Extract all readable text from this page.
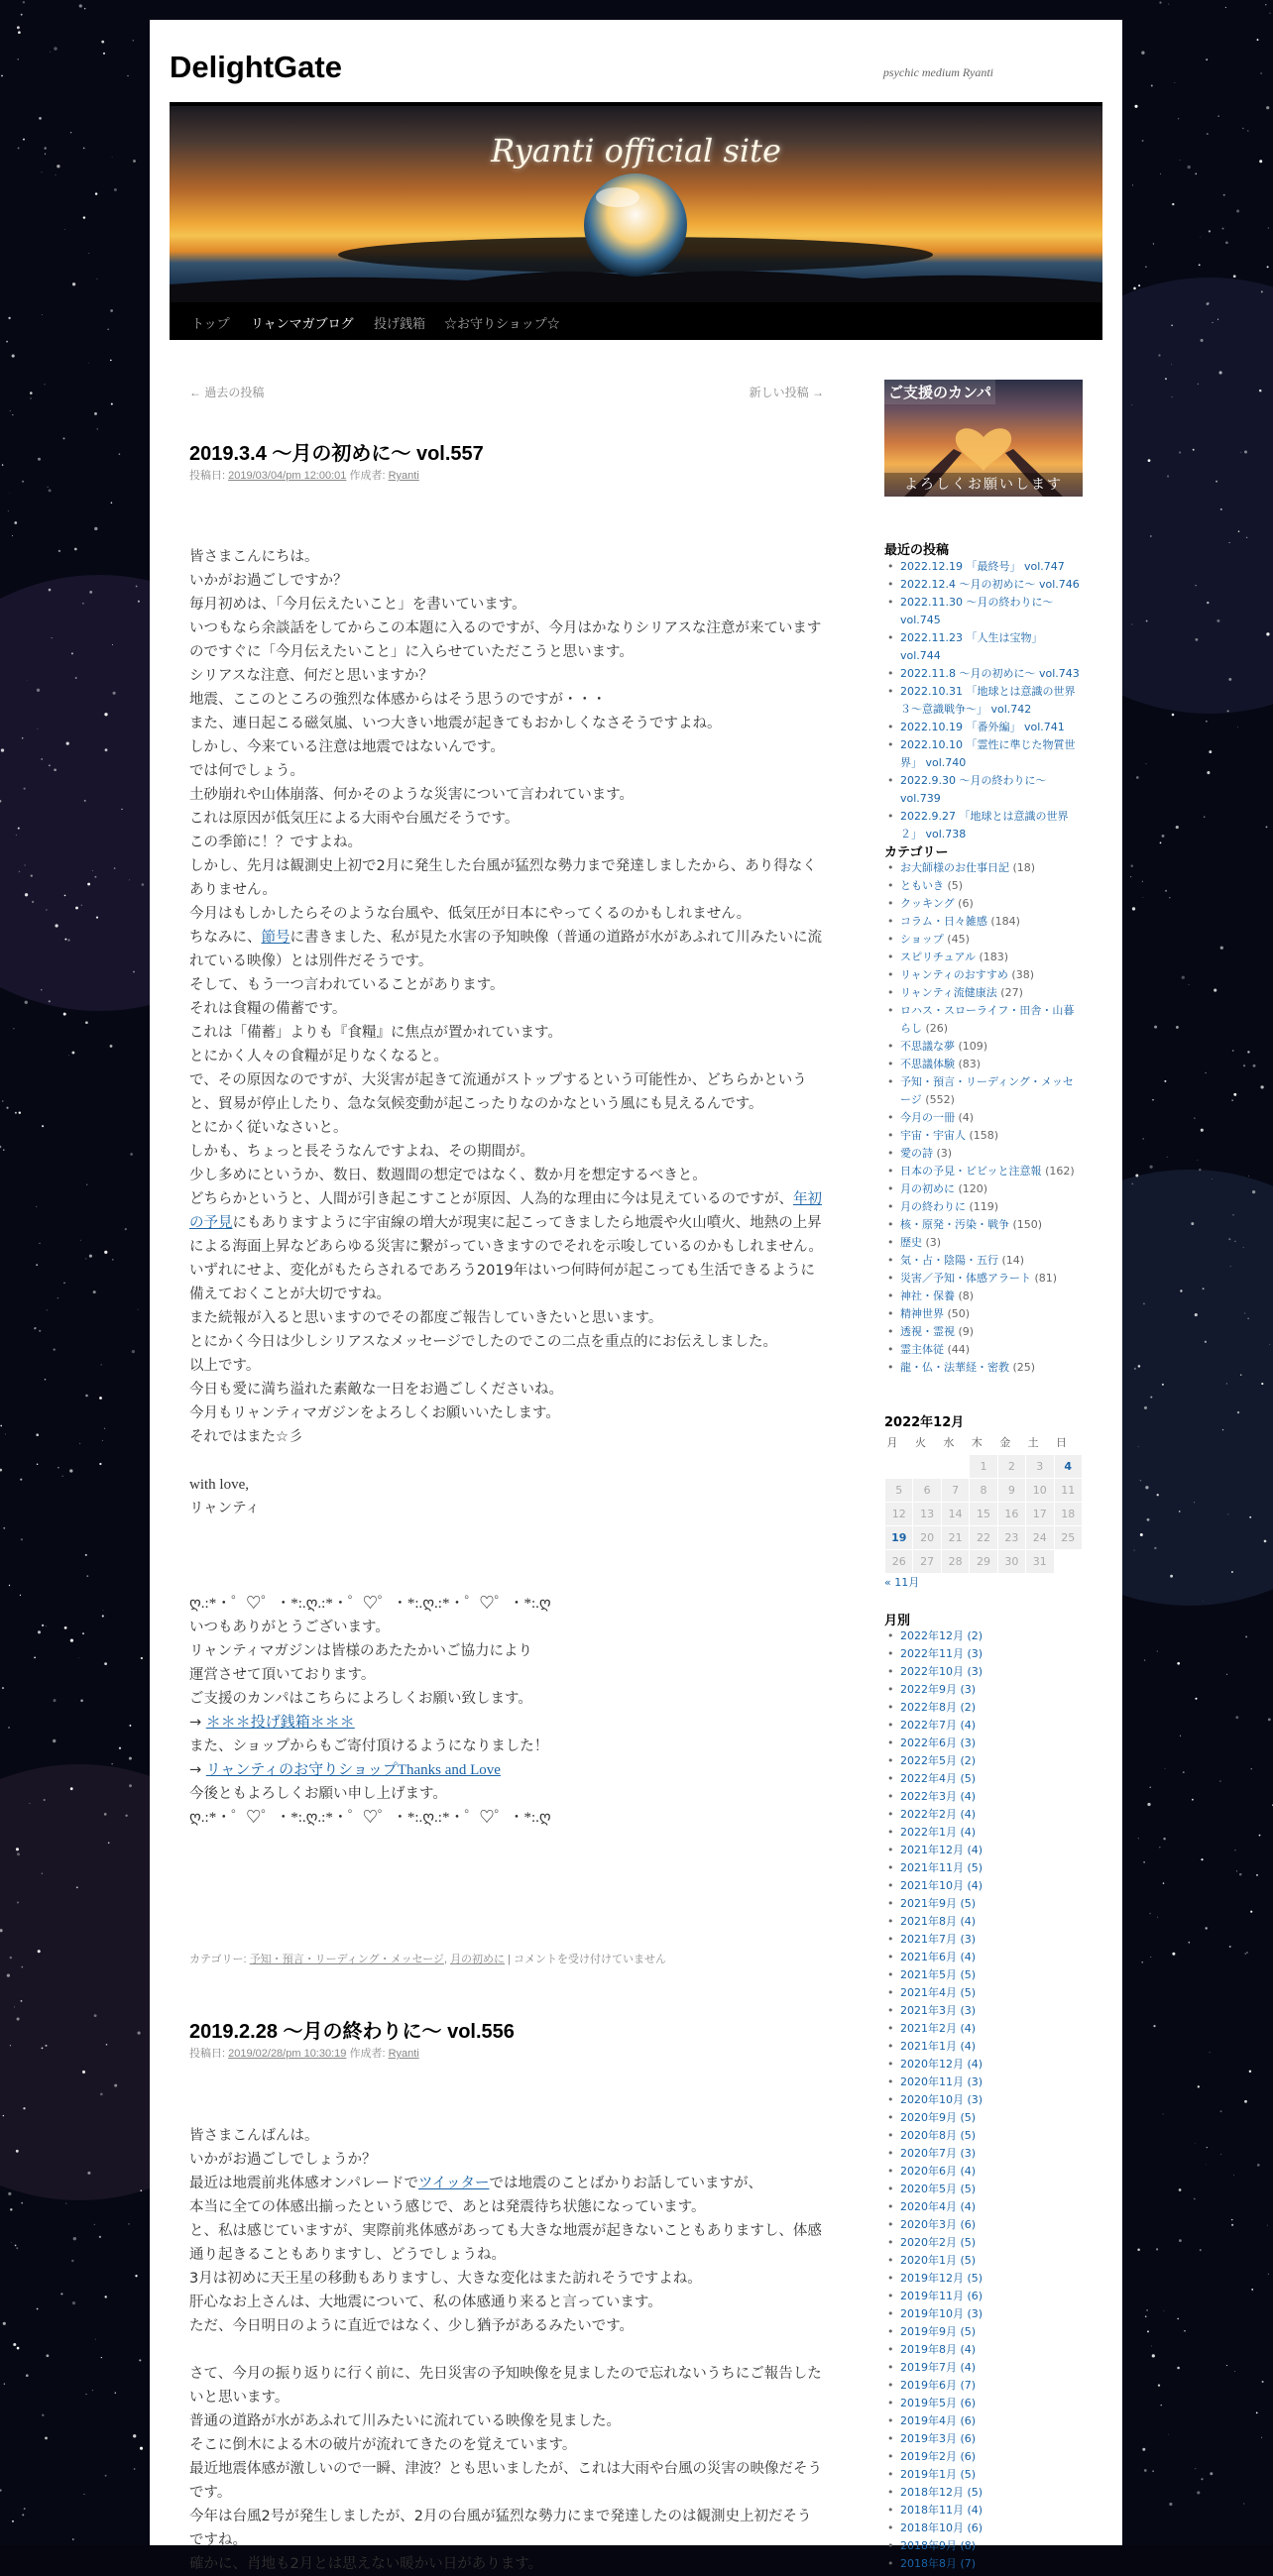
DelightGate	psychic medium Ryanti
Ryanti official site
トップ リャンマガブログ 投げ銭箱 ☆お守りショップ☆
← 過去の投稿	新しい投稿 →
2019.3.4 ～月の初めに～ vol.557
投稿日: 2019/03/04/pm 12:00:01 作成者: Ryanti

皆さまこんにちは。

いかがお過ごしですか？

毎月初めは、「今月伝えたいこと」を書いています。

いつもなら余談話をしてからこの本題に入るのですが、今月はかなりシリアスな注意が来ていますのですぐに「今月伝えたいこと」に入らせていただこうと思います。

シリアスな注意、何だと思いますか？

地震、ここのところの強烈な体感からはそう思うのですが・・・

また、連日起こる磁気嵐、いつ大きい地震が起きてもおかしくなさそうですよね。

しかし、今来ている注意は地震ではないんです。

では何でしょう。

土砂崩れや山体崩落、何かそのような災害について言われています。

これは原因が低気圧による大雨や台風だそうです。

この季節に！？ですよね。

しかし、先月は観測史上初で2月に発生した台風が猛烈な勢力まで発達しましたから、あり得なくありません。

今月はもしかしたらそのような台風や、低気圧が日本にやってくるのかもしれません。

ちなみに、節号に書きました、私が見た水害の予知映像（普通の道路が水があふれて川みたいに流れている映像）とは別件だそうです。

そして、もう一つ言われていることがあります。

それは食糧の備蓄です。

これは「備蓄」よりも『食糧』に焦点が置かれています。

とにかく人々の食糧が足りなくなると。

で、その原因なのですが、大災害が起きて流通がストップするという可能性か、どちらかというと、貿易が停止したり、急な気候変動が起こったりなのかなという風にも見えるんです。

とにかく従いなさいと。

しかも、ちょっと長そうなんですよね、その期間が。

少し多めにというか、数日、数週間の想定ではなく、数か月を想定するべきと。

どちらかというと、人間が引き起こすことが原因、人為的な理由に今は見えているのですが、年初の予見にもありますように宇宙線の増大が現実に起こってきましたら地震や火山噴火、地熱の上昇による海面上昇などあらゆる災害に繋がっていきますのでそれを示唆しているのかもしれません。

いずれにせよ、変化がもたらされるであろう2019年はいつ何時何が起こっても生活できるように備えておくことが大切ですね。

また続報が入ると思いますのでその都度ご報告していきたいと思います。

とにかく今日は少しシリアスなメッセージでしたのでこの二点を重点的にお伝えしました。

以上です。

今日も愛に満ち溢れた素敵な一日をお過ごしくださいね。

今月もリャンティマガジンをよろしくお願いいたします。

それではまた☆彡

with love,

リャンティ

ღ.:*・゜♡゜・*:.ღ.:*・゜♡゜・*:.ღ.:*・゜♡゜・*:.ღ

いつもありがとうございます。

リャンティマガジンは皆様のあたたかいご協力により

運営させて頂いております。

ご支援のカンパはこちらによろしくお願い致します。

→ ＊＊＊投げ銭箱＊＊＊

また、ショップからもご寄付頂けるようになりました！

→ リャンティのお守りショップThanks and Love

今後ともよろしくお願い申し上げます。

ღ.:*・゜♡゜・*:.ღ.:*・゜♡゜・*:.ღ.:*・゜♡゜・*:.ღ

カテゴリー: 予知・預言・リーディング・メッセージ, 月の初めに | コメントを受け付けていません
2019.2.28 ～月の終わりに～ vol.556
投稿日: 2019/02/28/pm 10:30:19 作成者: Ryanti

皆さまこんばんは。

いかがお過ごしでしょうか？

最近は地震前兆体感オンパレードでツイッターでは地震のことばかりお話していますが、

本当に全ての体感出揃ったという感じで、あとは発震待ち状態になっています。

と、私は感じていますが、実際前兆体感があっても大きな地震が起きないこともありますし、体感通り起きることもありますし、どうでしょうね。

3月は初めに天王星の移動もありますし、大きな変化はまた訪れそうですよね。

肝心なお上さんは、大地震について、私の体感通り来ると言っています。

ただ、今日明日のように直近ではなく、少し猶予があるみたいです。

さて、今月の振り返りに行く前に、先日災害の予知映像を見ましたので忘れないうちにご報告したいと思います。

普通の道路が水があふれて川みたいに流れている映像を見ました。

そこに倒木による木の破片が流れてきたのを覚えています。

最近地震体感が激しいので一瞬、津波？とも思いましたが、これは大雨や台風の災害の映像だそうです。

今年は台風2号が発生しましたが、2月の台風が猛烈な勢力にまで発達したのは観測史上初だそうですね。

確かに、肖地も2月とは思えない暖かい日があります。

ご支援のカンパ
よろしくお願いします
最近の投稿
• 2022.12.19 「最終号」 vol.747
• 2022.12.4 ～月の初めに～ vol.746
• 2022.11.30 ～月の終わりに～ vol.745
• 2022.11.23 「人生は宝物」 vol.744
• 2022.11.8 ～月の初めに～ vol.743
• 2022.10.31 「地球とは意識の世界３～意識戦争～」 vol.742
• 2022.10.19 「番外編」 vol.741
• 2022.10.10 「霊性に準じた物質世界」 vol.740
• 2022.9.30 ～月の終わりに～ vol.739
• 2022.9.27 「地球とは意識の世界２」 vol.738
カテゴリー
• お大師様のお仕事日記 (18)
• ともいき (5)
• クッキング (6)
• コラム・日々雑感 (184)
• ショップ (45)
• スピリチュアル (183)
• リャンティのおすすめ (38)
• リャンティ流健康法 (27)
• ロハス・スローライフ・田舎・山暮らし (26)
• 不思議な夢 (109)
• 不思議体験 (83)
• 予知・預言・リーディング・メッセージ (552)
• 今月の一冊 (4)
• 宇宙・宇宙人 (158)
• 愛の詩 (3)
• 日本の予見・ビビッと注意報 (162)
• 月の初めに (120)
• 月の終わりに (119)
• 核・原発・汚染・戦争 (150)
• 歴史 (3)
• 気・占・陰陽・五行 (14)
• 災害／予知・体感アラート (81)
• 神社・保養 (8)
• 精神世界 (50)
• 透視・霊視 (9)
• 霊主体従 (44)
• 龍・仏・法華経・密教 (25)
2022年12月
月	火	水	木	金	土	日
			1	2	3	4
5	6	7	8	9	10	11
12	13	14	15	16	17	18
19	20	21	22	23	24	25
26	27	28	29	30	31	
« 11月
月別
• 2022年12月 (2)
• 2022年11月 (3)
• 2022年10月 (3)
• 2022年9月 (3)
• 2022年8月 (2)
• 2022年7月 (4)
• 2022年6月 (3)
• 2022年5月 (2)
• 2022年4月 (5)
• 2022年3月 (4)
• 2022年2月 (4)
• 2022年1月 (4)
• 2021年12月 (4)
• 2021年11月 (5)
• 2021年10月 (4)
• 2021年9月 (5)
• 2021年8月 (4)
• 2021年7月 (3)
• 2021年6月 (4)
• 2021年5月 (5)
• 2021年4月 (5)
• 2021年3月 (3)
• 2021年2月 (4)
• 2021年1月 (4)
• 2020年12月 (4)
• 2020年11月 (3)
• 2020年10月 (3)
• 2020年9月 (5)
• 2020年8月 (5)
• 2020年7月 (3)
• 2020年6月 (4)
• 2020年5月 (5)
• 2020年4月 (4)
• 2020年3月 (6)
• 2020年2月 (5)
• 2020年1月 (5)
• 2019年12月 (5)
• 2019年11月 (6)
• 2019年10月 (3)
• 2019年9月 (5)
• 2019年8月 (4)
• 2019年7月 (4)
• 2019年6月 (7)
• 2019年5月 (6)
• 2019年4月 (6)
• 2019年3月 (6)
• 2019年2月 (6)
• 2019年1月 (5)
• 2018年12月 (5)
• 2018年11月 (4)
• 2018年10月 (6)
• 2018年9月 (8)
• 2018年8月 (7)
